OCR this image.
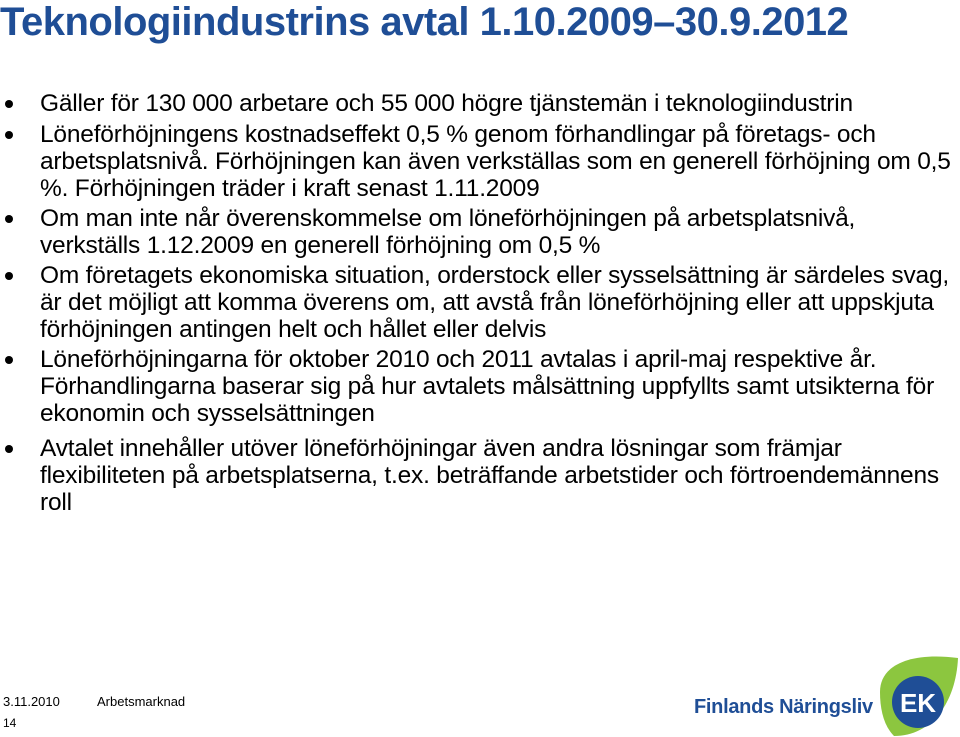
Teknologiindustrins avtal 1.10.2009–30.9.2012
Gäller för 130 000 arbetare och 55 000 högre tjänstemän i teknologiindustrin
Löneförhöjningens kostnadseffekt 0,5 % genom förhandlingar på företags- och arbetsplatsnivå. Förhöjningen kan även verkställas som en generell förhöjning om 0,5 %. Förhöjningen träder i kraft senast 1.11.2009
Om man inte når överenskommelse om löneförhöjningen på arbetsplatsnivå, verkställs 1.12.2009 en generell förhöjning om 0,5 %
Om företagets ekonomiska situation, orderstock eller sysselsättning är särdeles svag, är det möjligt att komma överens om, att avstå från löneförhöjning eller att uppskjuta förhöjningen antingen helt och hållet eller delvis
Löneförhöjningarna för oktober 2010 och 2011 avtalas i april-maj respektive år. Förhandlingarna baserar sig på hur avtalets målsättning uppfyllts samt utsikterna för ekonomin och sysselsättningen
Avtalet innehåller utöver löneförhöjningar även andra lösningar som främjar flexibiliteten på arbetsplatserna, t.ex. beträffande arbetstider och förtroendemännens roll
3.11.2010	Arbetsmarknad
14
Finlands Näringsliv EK
